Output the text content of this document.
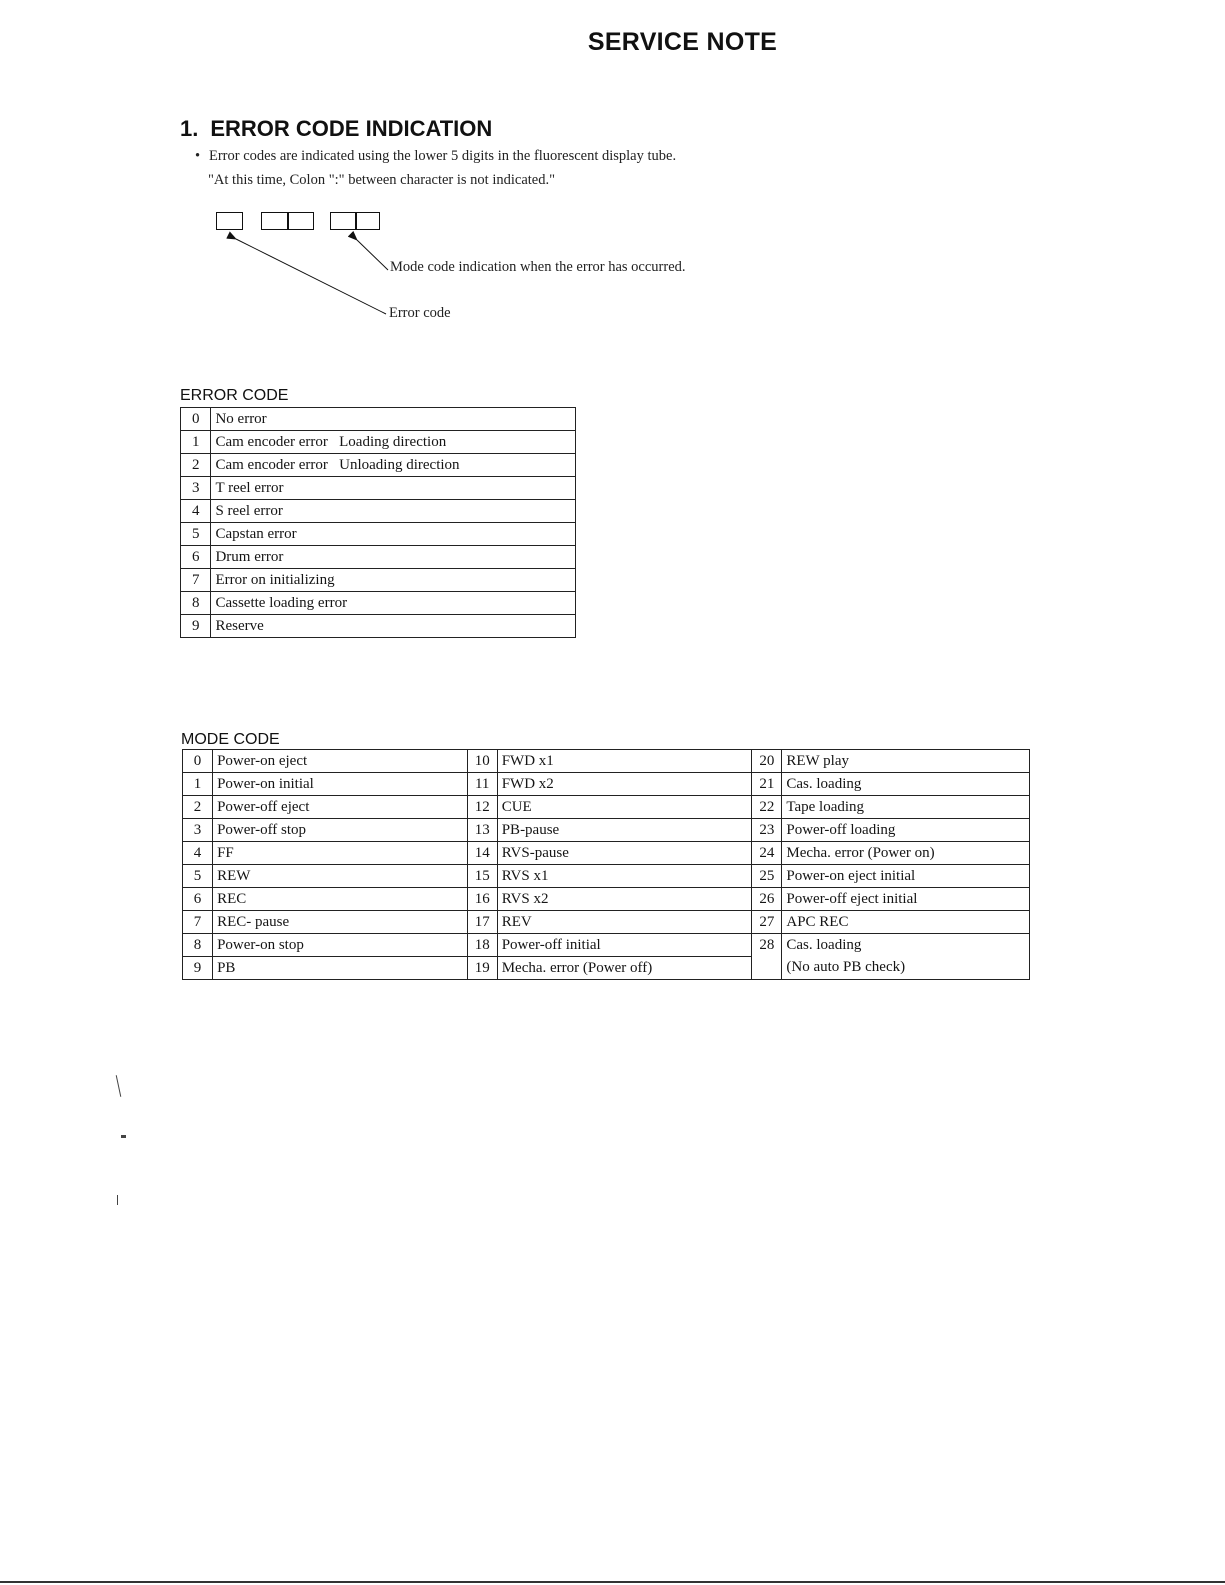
SERVICE NOTE
1. ERROR CODE INDICATION
• Error codes are indicated using the lower 5 digits in the fluorescent display tube.
"At this time, Colon ":" between character is not indicated."
Mode code indication when the error has occurred.
Error code
ERROR CODE
0	No error
1	Cam encoder error   Loading direction
2	Cam encoder error   Unloading direction
3	T reel error
4	S reel error
5	Capstan error
6	Drum error
7	Error on initializing
8	Cassette loading error
9	Reserve
MODE CODE
0	Power-on eject	10	FWD x1	20	REW play
1	Power-on initial	11	FWD x2	21	Cas. loading
2	Power-off eject	12	CUE	22	Tape loading
3	Power-off stop	13	PB-pause	23	Power-off loading
4	FF	14	RVS-pause	24	Mecha. error (Power on)
5	REW	15	RVS x1	25	Power-on eject initial
6	REC	16	RVS x2	26	Power-off eject initial
7	REC- pause	17	REV	27	APC REC
8	Power-on stop	18	Power-off initial	28	Cas. loading
9	PB	19	Mecha. error (Power off)		(No auto PB check)
